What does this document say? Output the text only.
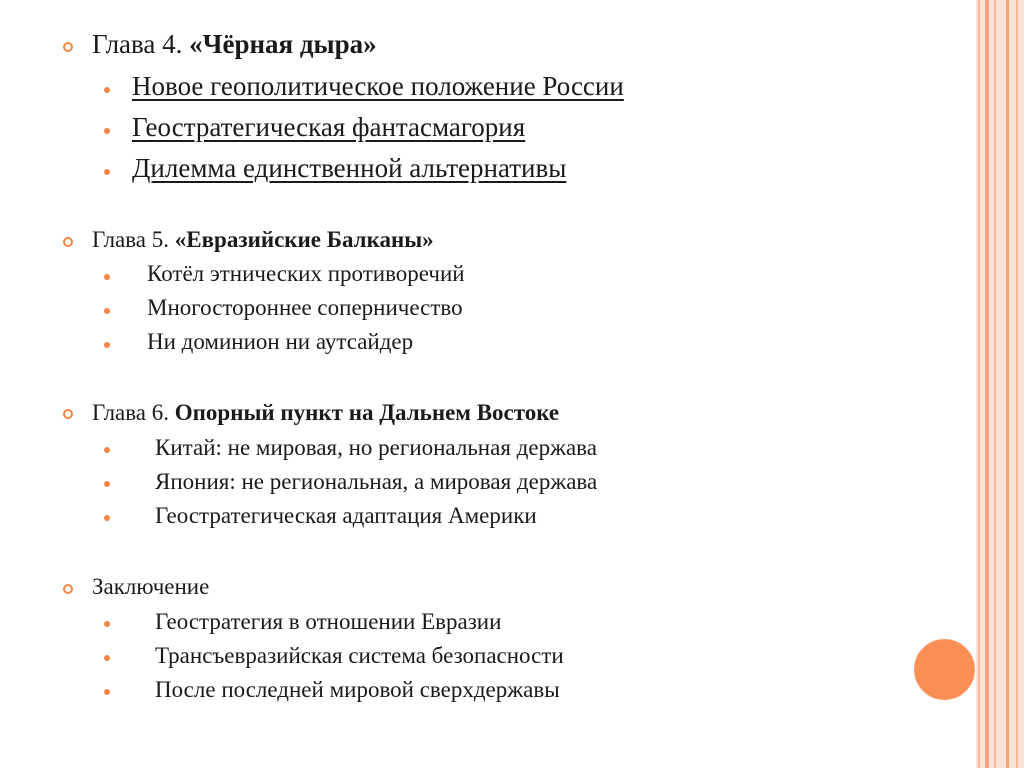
Глава 4. «Чёрная дыра»
Новое геополитическое положение России
Геостратегическая фантасмагория
Дилемма единственной альтернативы
Глава 5. «Евразийские Балканы»
Котёл этнических противоречий
Многостороннее соперничество
Ни доминион ни аутсайдер
Глава 6. Опорный пункт на Дальнем Востоке
Китай: не мировая, но региональная держава
Япония: не региональная, а мировая держава
Геостратегическая адаптация Америки
Заключение
Геостратегия в отношении Евразии
Трансъевразийская система безопасности
После последней мировой сверхдержавы
